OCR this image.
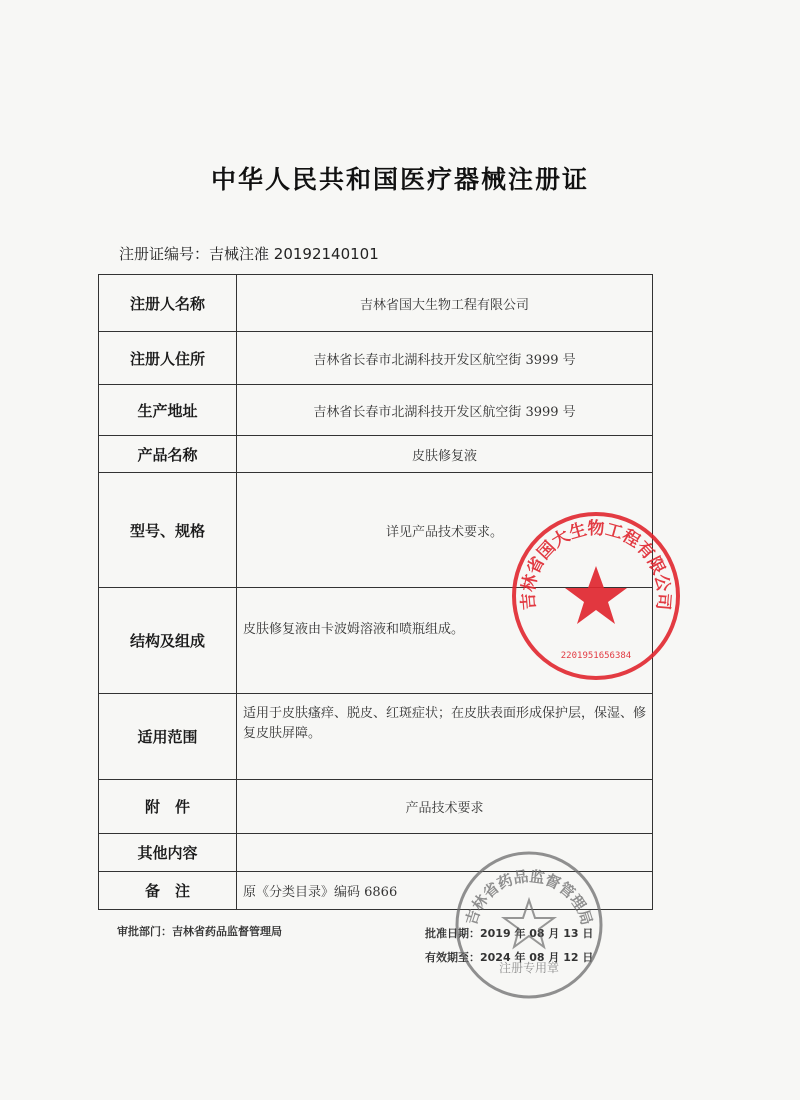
中华人民共和国医疗器械注册证
注册证编号：吉械注准 20192140101
注册人名称	吉林省国大生物工程有限公司
注册人住所	吉林省长春市北湖科技开发区航空街 3999 号
生产地址	吉林省长春市北湖科技开发区航空街 3999 号
产品名称	皮肤修复液
型号、规格	详见产品技术要求。
结构及组成	皮肤修复液由卡波姆溶液和喷瓶组成。
适用范围	适用于皮肤瘙痒、脱皮、红斑症状；在皮肤表面形成保护层，保湿、修复皮肤屏障。
附　件	产品技术要求
其他内容	
备　注	原《分类目录》编码 6866
审批部门：吉林省药品监督管理局	批准日期：2019 年 08 月 13 日
有效期至：2024 年 08 月 12 日
吉林省国大生物工程有限公司
2201951656384
吉林省药品监督管理局
注册专用章
